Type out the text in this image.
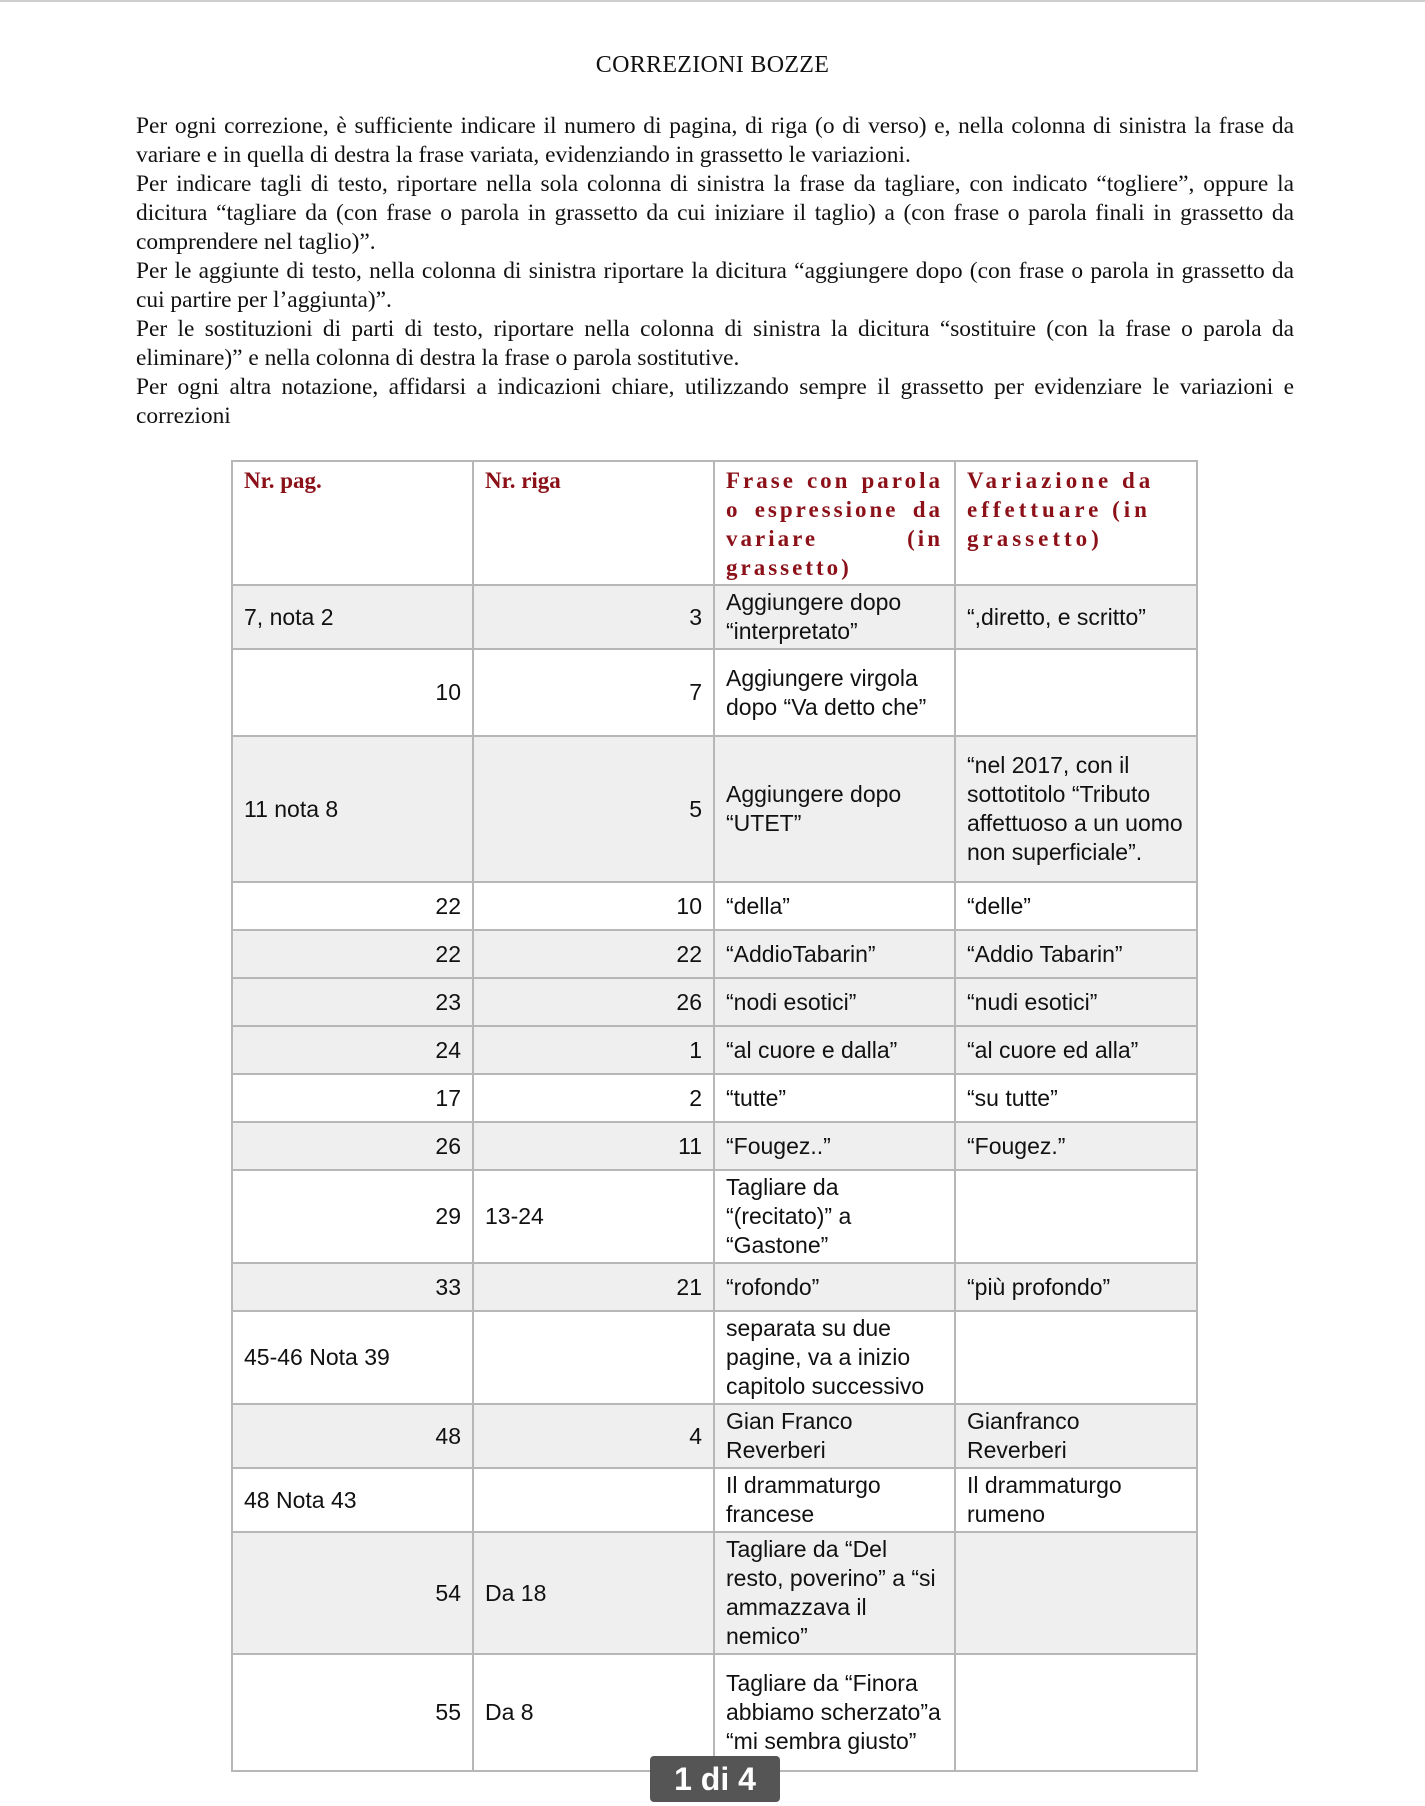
CORREZIONI BOZZE

Per ogni correzione, è sufficiente indicare il numero di pagina, di riga (o di verso) e, nella colonna di sinistra la frase da variare e in quella di destra la frase variata, evidenziando in grassetto le variazioni.

Per indicare tagli di testo, riportare nella sola colonna di sinistra la frase da tagliare, con indicato “togliere”, oppure la dicitura “tagliare da (con frase o parola in grassetto da cui iniziare il taglio) a (con frase o parola finali in grassetto da comprendere nel taglio)”.

Per le aggiunte di testo, nella colonna di sinistra riportare la dicitura “aggiungere dopo (con frase o parola in grassetto da cui partire per l’aggiunta)”.

Per le sostituzioni di parti di testo, riportare nella colonna di sinistra la dicitura “sostituire (con la frase o parola da eliminare)” e nella colonna di destra la frase o parola sostitutive.

Per ogni altra notazione, affidarsi a indicazioni chiare, utilizzando sempre il grassetto per evidenziare le variazioni e correzioni

Nr. pag.	Nr. riga	Frase con parola o espressione da variare (in grassetto)	Variazione da effettuare (in grassetto)
7, nota 2	3	Aggiungere dopo “interpretato”	“,diretto, e scritto”
10	7	Aggiungere virgola dopo “Va detto che”	
11 nota 8	5	Aggiungere dopo “UTET”	“nel 2017, con il sottotitolo “Tributo affettuoso a un uomo non superficiale”.
22	10	“della”	“delle”
22	22	“AddioTabarin”	“Addio Tabarin”
23	26	“nodi esotici”	“nudi esotici”
24	1	“al cuore e dalla”	“al cuore ed alla”
17	2	“tutte”	“su tutte”
26	11	“Fougez..”	“Fougez.”
29	13-24	Tagliare da “(recitato)” a “Gastone”	
33	21	“rofondo”	“più profondo”
45-46 Nota 39		separata su due pagine, va a inizio capitolo successivo	
48	4	Gian Franco Reverberi	Gianfranco Reverberi
48 Nota 43		Il drammaturgo francese	Il drammaturgo rumeno
54	Da 18	Tagliare da “Del resto, poverino” a “si ammazzava il nemico”	
55	Da 8	Tagliare da “Finora abbiamo scherzato”a “mi sembra giusto”	
1 di 4
